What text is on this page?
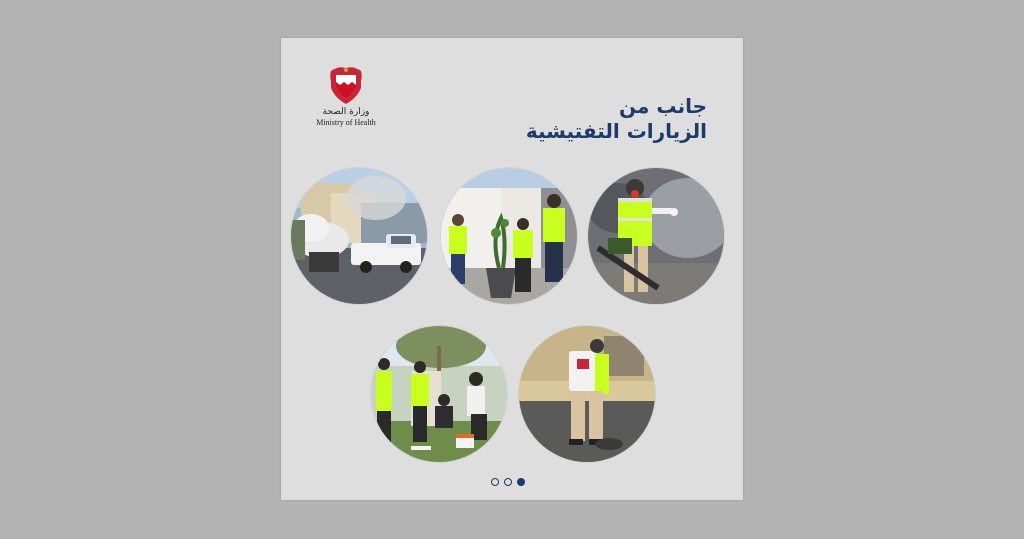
وزارة الصحة
Ministry of Health
جانب من
الزيارات التفتيشية
